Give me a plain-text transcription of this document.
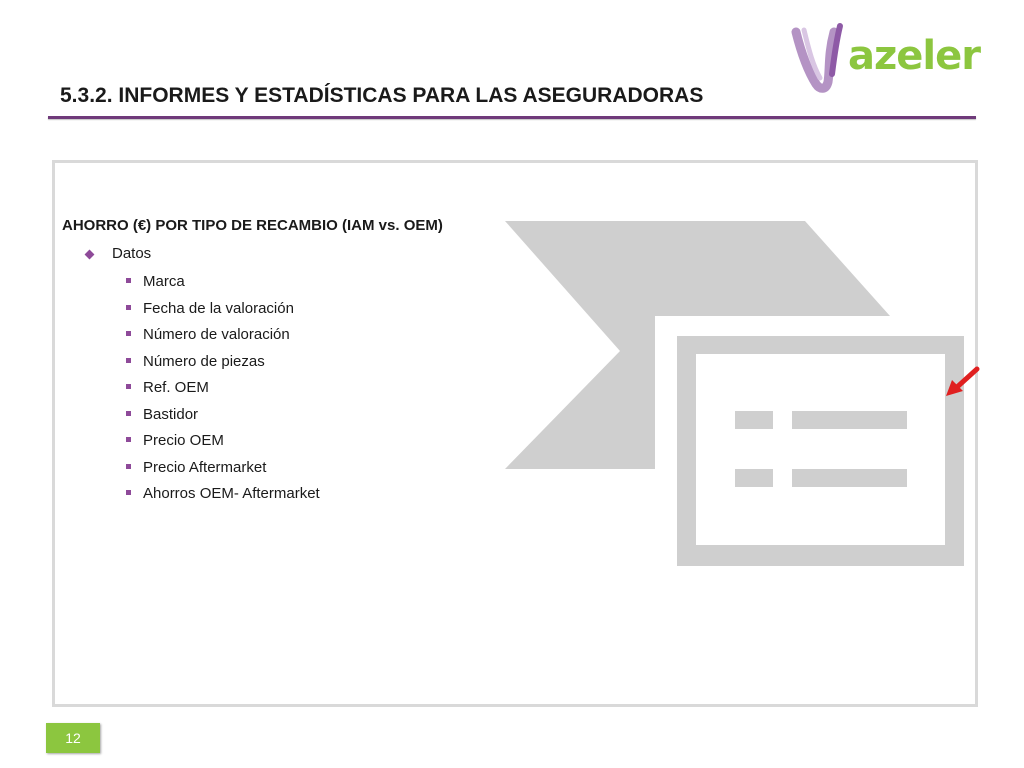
azeler
5.3.2. INFORMES Y ESTADÍSTICAS PARA LAS ASEGURADORAS
AHORRO (€) POR TIPO DE RECAMBIO (IAM vs. OEM)
Datos
Marca
Fecha de la valoración
Número de valoración
Número de piezas
Ref. OEM
Bastidor
Precio OEM
Precio Aftermarket
Ahorros OEM- Aftermarket
12
